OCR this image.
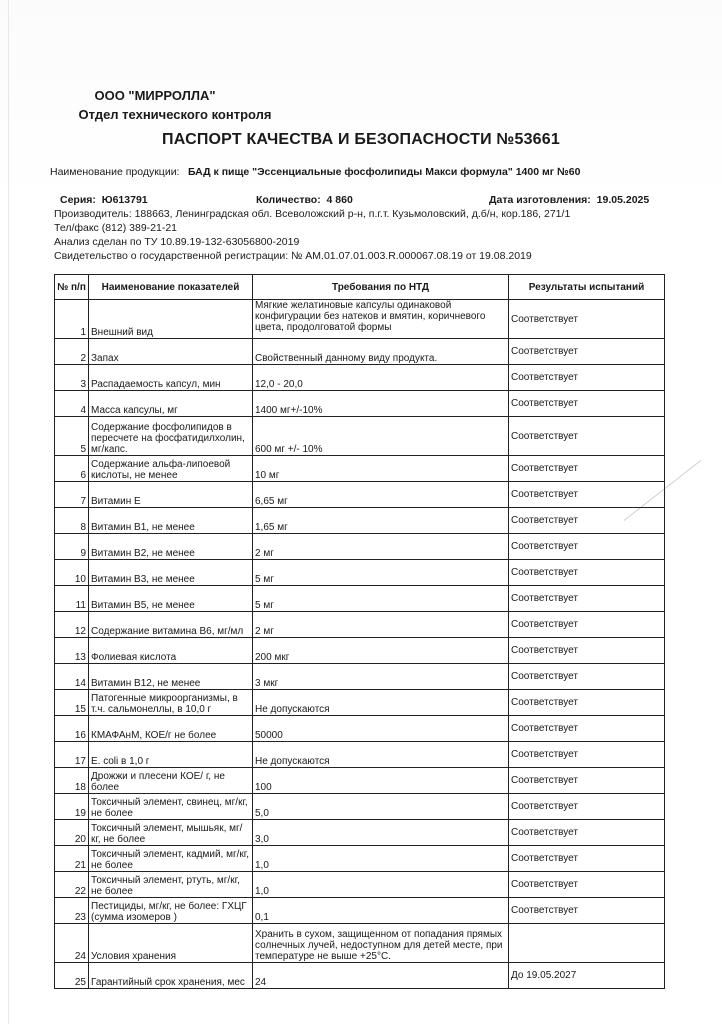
ООО "МИРРОЛЛА"
Отдел технического контроля
ПАСПОРТ КАЧЕСТВА И БЕЗОПАСНОСТИ №53661
Наименование продукции: БАД к пище "Эссенциальные фосфолипиды Макси формула" 1400 мг №60
Серия: Ю613791	Количество: 4 860	Дата изготовления: 19.05.2025
Производитель: 188663, Ленинградская обл. Всеволожский р-н, п.г.т. Кузьмоловский, д.б/н, кор.186, 271/1
Тел/факс (812) 389-21-21
Анализ сделан по ТУ 10.89.19-132-63056800-2019
Свидетельство о государственной регистрации: № AM.01.07.01.003.R.000067.08.19 от 19.08.2019
№ п/п	Наименование показателей	Требования по НТД	Результаты испытаний
1	Внешний вид	Мягкие желатиновые капсулы одинаковой конфигурации без натеков и вмятин, коричневого цвета, продолговатой формы	Соответствует
2	Запах	Свойственный данному виду продукта.	Соответствует
3	Распадаемость капсул, мин	12,0 - 20,0	Соответствует
4	Масса капсулы, мг	1400 мг+/-10%	Соответствует
5	Содержание фосфолипидов в пересчете на фосфатидилхолин, мг/капс.	600 мг +/- 10%	Соответствует
6	Содержание альфа-липоевой кислоты, не менее	10 мг	Соответствует
7	Витамин Е	6,65 мг	Соответствует
8	Витамин В1, не менее	1,65 мг	Соответствует
9	Витамин В2, не менее	2 мг	Соответствует
10	Витамин В3, не менее	5 мг	Соответствует
11	Витамин В5, не менее	5 мг	Соответствует
12	Содержание витамина В6, мг/мл	2 мг	Соответствует
13	Фолиевая кислота	200 мкг	Соответствует
14	Витамин В12, не менее	3 мкг	Соответствует
15	Патогенные микроорганизмы, в т.ч. сальмонеллы, в 10,0 г	Не допускаются	Соответствует
16	КМАФАнМ, КОЕ/г не более	50000	Соответствует
17	E. coli в 1,0 г	Не допускаются	Соответствует
18	Дрожжи и плесени КОЕ/ г, не более	100	Соответствует
19	Токсичный элемент, свинец, мг/кг, не более	5,0	Соответствует
20	Токсичный элемент, мышьяк, мг/кг, не более	3,0	Соответствует
21	Токсичный элемент, кадмий, мг/кг, не более	1,0	Соответствует
22	Токсичный элемент, ртуть, мг/кг, не более	1,0	Соответствует
23	Пестициды, мг/кг, не более: ГХЦГ (сумма изомеров )	0,1	Соответствует
24	Условия хранения	Хранить в сухом, защищенном от попадания прямых солнечных лучей, недоступном для детей месте, при температуре не выше +25°С.	
25	Гарантийный срок хранения, мес	24	До 19.05.2027
